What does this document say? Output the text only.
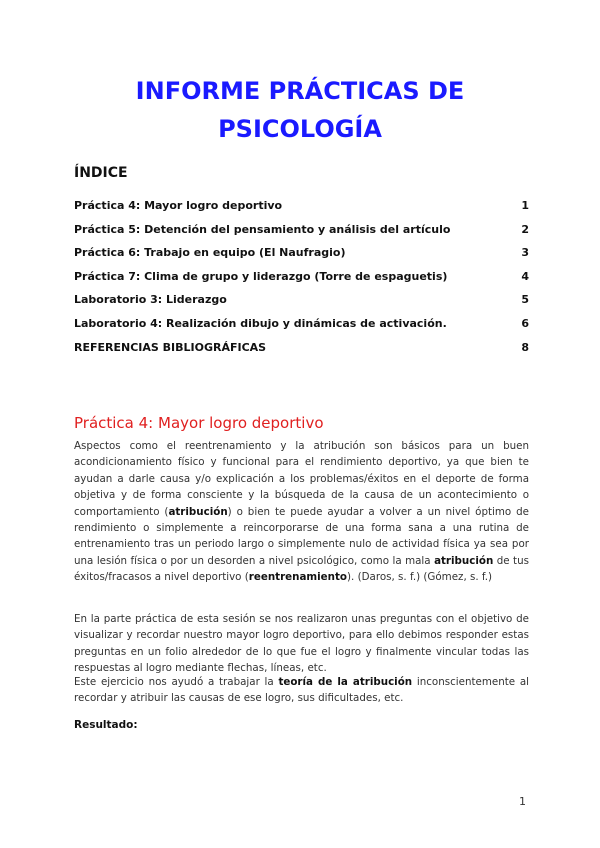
INFORME PRÁCTICAS DE
PSICOLOGÍA
ÍNDICE
Práctica 4: Mayor logro deportivo	1
Práctica 5: Detención del pensamiento y análisis del artículo	2
Práctica 6: Trabajo en equipo (El Naufragio)	3
Práctica 7: Clima de grupo y liderazgo (Torre de espaguetis)	4
Laboratorio 3: Liderazgo	5
Laboratorio 4: Realización dibujo y dinámicas de activación.	6
REFERENCIAS BIBLIOGRÁFICAS	8
Práctica 4: Mayor logro deportivo

Aspectos como el reentrenamiento y la atribución son básicos para un buen acondicionamiento físico y funcional para el rendimiento deportivo, ya que bien te ayudan a darle causa y/o explicación a los problemas/éxitos en el deporte de forma objetiva y de forma consciente y la búsqueda de la causa de un acontecimiento o comportamiento (atribución) o bien te puede ayudar a volver a un nivel óptimo de rendimiento o simplemente a reincorporarse de una forma sana a una rutina de entrenamiento tras un periodo largo o simplemente nulo de actividad física ya sea por una lesión física o por un desorden a nivel psicológico, como la mala atribución de tus éxitos/fracasos a nivel deportivo (reentrenamiento). (Daros, s. f.) (Gómez, s. f.)

En la parte práctica de esta sesión se nos realizaron unas preguntas con el objetivo de visualizar y recordar nuestro mayor logro deportivo, para ello debimos responder estas preguntas en un folio alrededor de lo que fue el logro y finalmente vincular todas las respuestas al logro mediante flechas, líneas, etc.

Este ejercicio nos ayudó a trabajar la teoría de la atribución inconscientemente al recordar y atribuir las causas de ese logro, sus dificultades, etc.

Resultado:

1
